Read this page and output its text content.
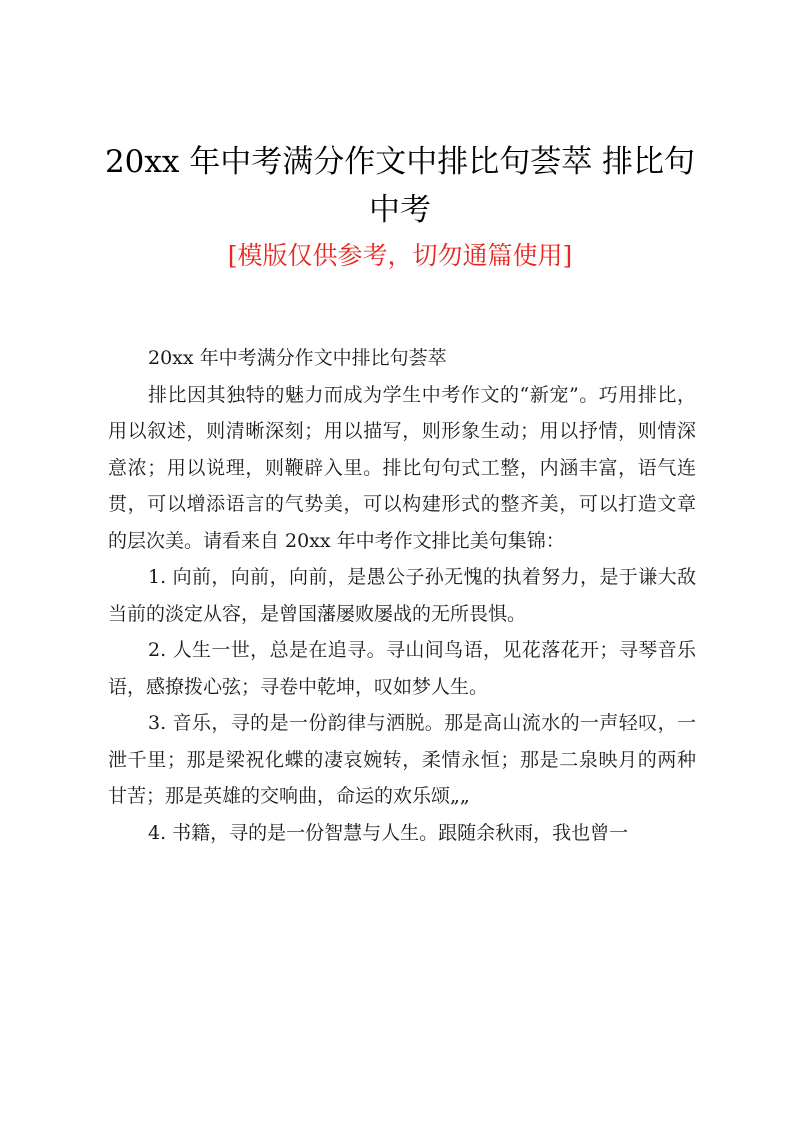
20xx 年中考满分作文中排比句荟萃 排比句中考
[模版仅供参考，切勿通篇使用]

20xx 年中考满分作文中排比句荟萃

排比因其独特的魅力而成为学生中考作文的“新宠”。巧用排比，用以叙述，则清晰深刻；用以描写，则形象生动；用以抒情，则情深意浓；用以说理，则鞭辟入里。排比句句式工整，内涵丰富，语气连贯，可以增添语言的气势美，可以构建形式的整齐美，可以打造文章的层次美。请看来自 20xx 年中考作文排比美句集锦：

1. 向前，向前，向前，是愚公子孙无愧的执着努力，是于谦大敌当前的淡定从容，是曾国藩屡败屡战的无所畏惧。

2. 人生一世，总是在追寻。寻山间鸟语，见花落花开；寻琴音乐语，感撩拨心弦；寻卷中乾坤，叹如梦人生。

3. 音乐，寻的是一份韵律与洒脱。那是高山流水的一声轻叹，一泄千里；那是梁祝化蝶的凄哀婉转，柔情永恒；那是二泉映月的两种甘苦；那是英雄的交响曲，命运的欢乐颂„„

4. 书籍，寻的是一份智慧与人生。跟随余秋雨，我也曾一
